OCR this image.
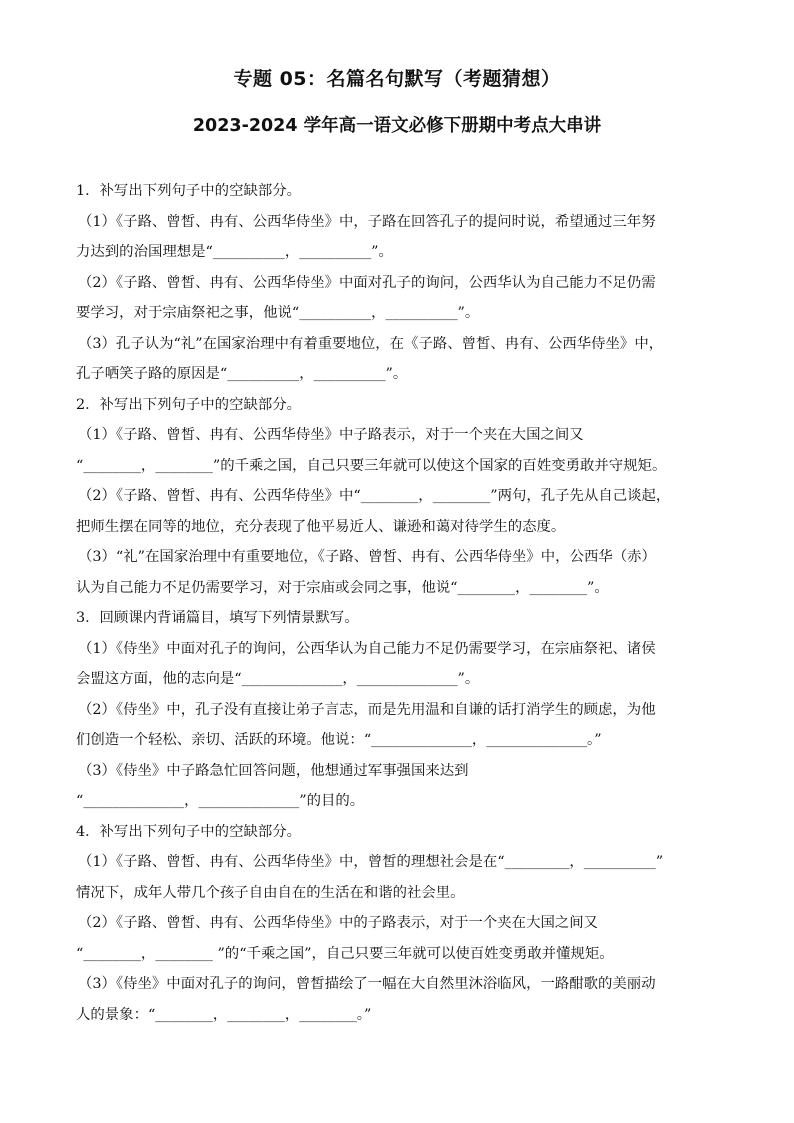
专题 05：名篇名句默写（考题猜想）
2023-2024 学年高一语文必修下册期中考点大串讲
1．补写出下列句子中的空缺部分。
（1）《子路、曾皙、冉有、公西华侍坐》中，子路在回答孔子的提问时说，希望通过三年努
力达到的治国理想是“__________，__________”。
（2）《子路、曾皙、冉有、公西华侍坐》中面对孔子的询问，公西华认为自己能力不足仍需
要学习，对于宗庙祭祀之事，他说“__________，__________”。
（3）孔子认为“礼”在国家治理中有着重要地位，在《子路、曾皙、冉有、公西华侍坐》中，
孔子哂笑子路的原因是“__________，__________”。
2．补写出下列句子中的空缺部分。
（1）《子路、曾皙、冉有、公西华侍坐》中子路表示，对于一个夹在大国之间又
“________，________”的千乘之国，自己只要三年就可以使这个国家的百姓变勇敢并守规矩。
（2）《子路、曾皙、冉有、公西华侍坐》中“________，________”两句，孔子先从自己谈起，
把师生摆在同等的地位，充分表现了他平易近人、谦逊和蔼对待学生的态度。
（3）“礼”在国家治理中有重要地位，《子路、曾皙、冉有、公西华侍坐》中，公西华（赤）
认为自己能力不足仍需要学习，对于宗庙或会同之事，他说“________，________”。
3．回顾课内背诵篇目，填写下列情景默写。
（1）《侍坐》中面对孔子的询问，公西华认为自己能力不足仍需要学习，在宗庙祭祀、诸侯
会盟这方面，他的志向是“______________，______________”。
（2）《侍坐》中，孔子没有直接让弟子言志，而是先用温和自谦的话打消学生的顾虑，为他
们创造一个轻松、亲切、活跃的环境。他说：“______________，______________。”
（3）《侍坐》中子路急忙回答问题，他想通过军事强国来达到
“______________，______________”的目的。
4．补写出下列句子中的空缺部分。
（1）《子路、曾皙、冉有、公西华侍坐》中，曾皙的理想社会是在“_________，__________”
情况下，成年人带几个孩子自由自在的生活在和谐的社会里。
（2）《子路、曾皙、冉有、公西华侍坐》中的子路表示，对于一个夹在大国之间又
“________，________ ”的“千乘之国”，自己只要三年就可以使百姓变勇敢并懂规矩。
（3）《侍坐》中面对孔子的询问，曾皙描绘了一幅在大自然里沐浴临风，一路酣歌的美丽动
人的景象：“________，________，________。”
